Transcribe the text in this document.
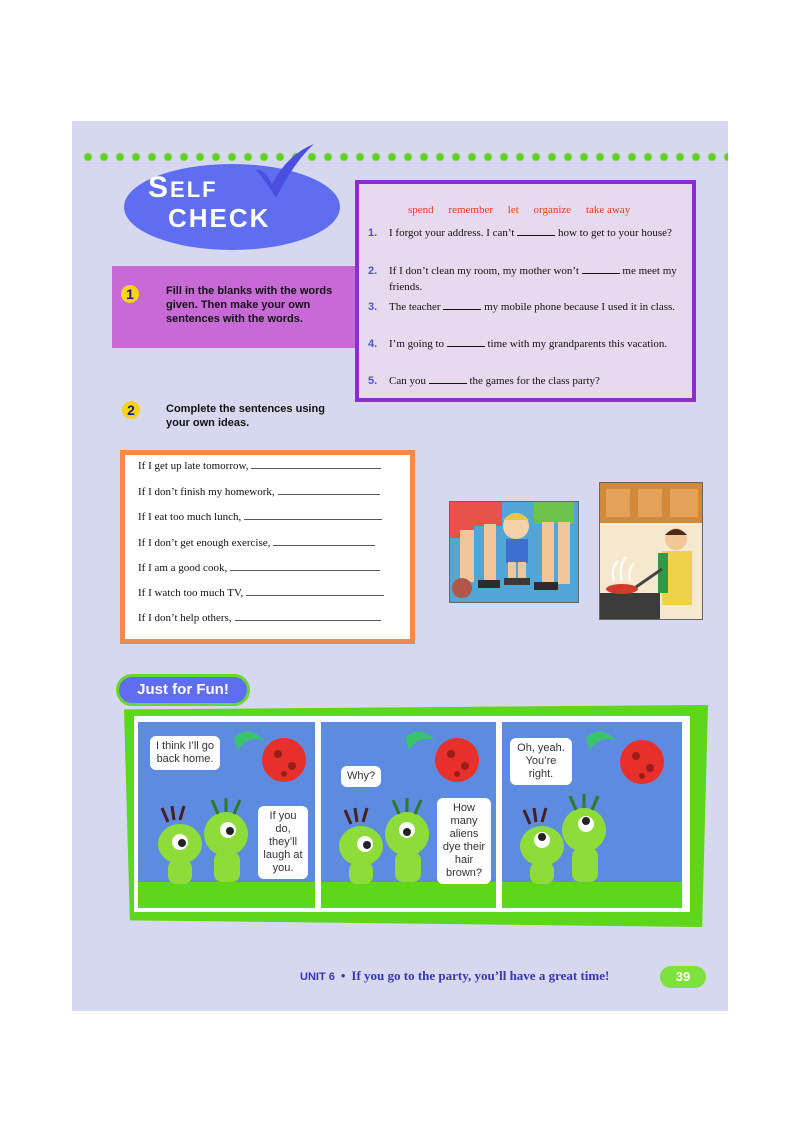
SELF
CHECK
1	Fill in the blanks with the words given. Then make your own sentences with the words.
spend remember let organize take away
1.	I forgot your address. I can’t	how to get to your house?
2.	If I don’t clean my room, my mother won’t	me meet my friends.
3.	The teacher	my mobile phone because I used it in class.
4.	I’m going to	time with my grandparents this vacation.
5.	Can you	the games for the class party?
2	Complete the sentences using your own ideas.
If I get up late tomorrow,
If I don’t finish my homework,
If I eat too much lunch,
If I don’t get enough exercise,
If I am a good cook,
If I watch too much TV,
If I don’t help others,
I think I’ll go back home.
If you do, they’ll laugh at you.
Why?
How many aliens dye their hair brown?
Oh, yeah. You’re right.
Just for Fun!
UNIT 6 • If you go to the party, you’ll have a great time!	39
